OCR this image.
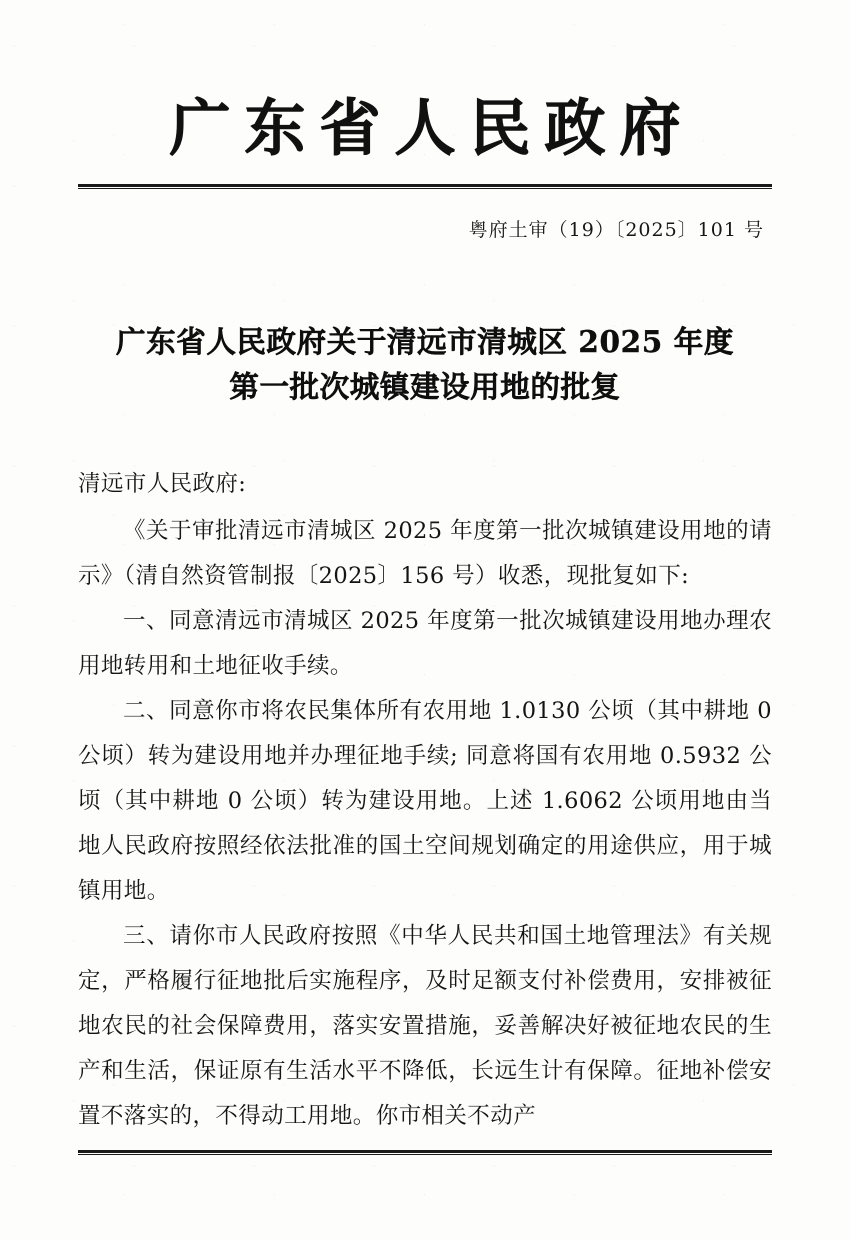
广东省人民政府
粤府土审（19）〔2025〕101 号
广东省人民政府关于清远市清城区 2025 年度
第一批次城镇建设用地的批复

清远市人民政府:

《关于审批清远市清城区 2025 年度第一批次城镇建设用地的请示》（清自然资管制报〔2025〕156 号）收悉，现批复如下:

一、同意清远市清城区 2025 年度第一批次城镇建设用地办理农用地转用和土地征收手续。

二、同意你市将农民集体所有农用地 1.0130 公顷（其中耕地 0 公顷）转为建设用地并办理征地手续; 同意将国有农用地 0.5932 公顷（其中耕地 0 公顷）转为建设用地。上述 1.6062 公顷用地由当地人民政府按照经依法批准的国土空间规划确定的用途供应，用于城镇用地。

三、请你市人民政府按照《中华人民共和国土地管理法》有关规定，严格履行征地批后实施程序，及时足额支付补偿费用，安排被征地农民的社会保障费用，落实安置措施，妥善解决好被征地农民的生产和生活，保证原有生活水平不降低，长远生计有保障。征地补偿安置不落实的，不得动工用地。你市相关不动产
